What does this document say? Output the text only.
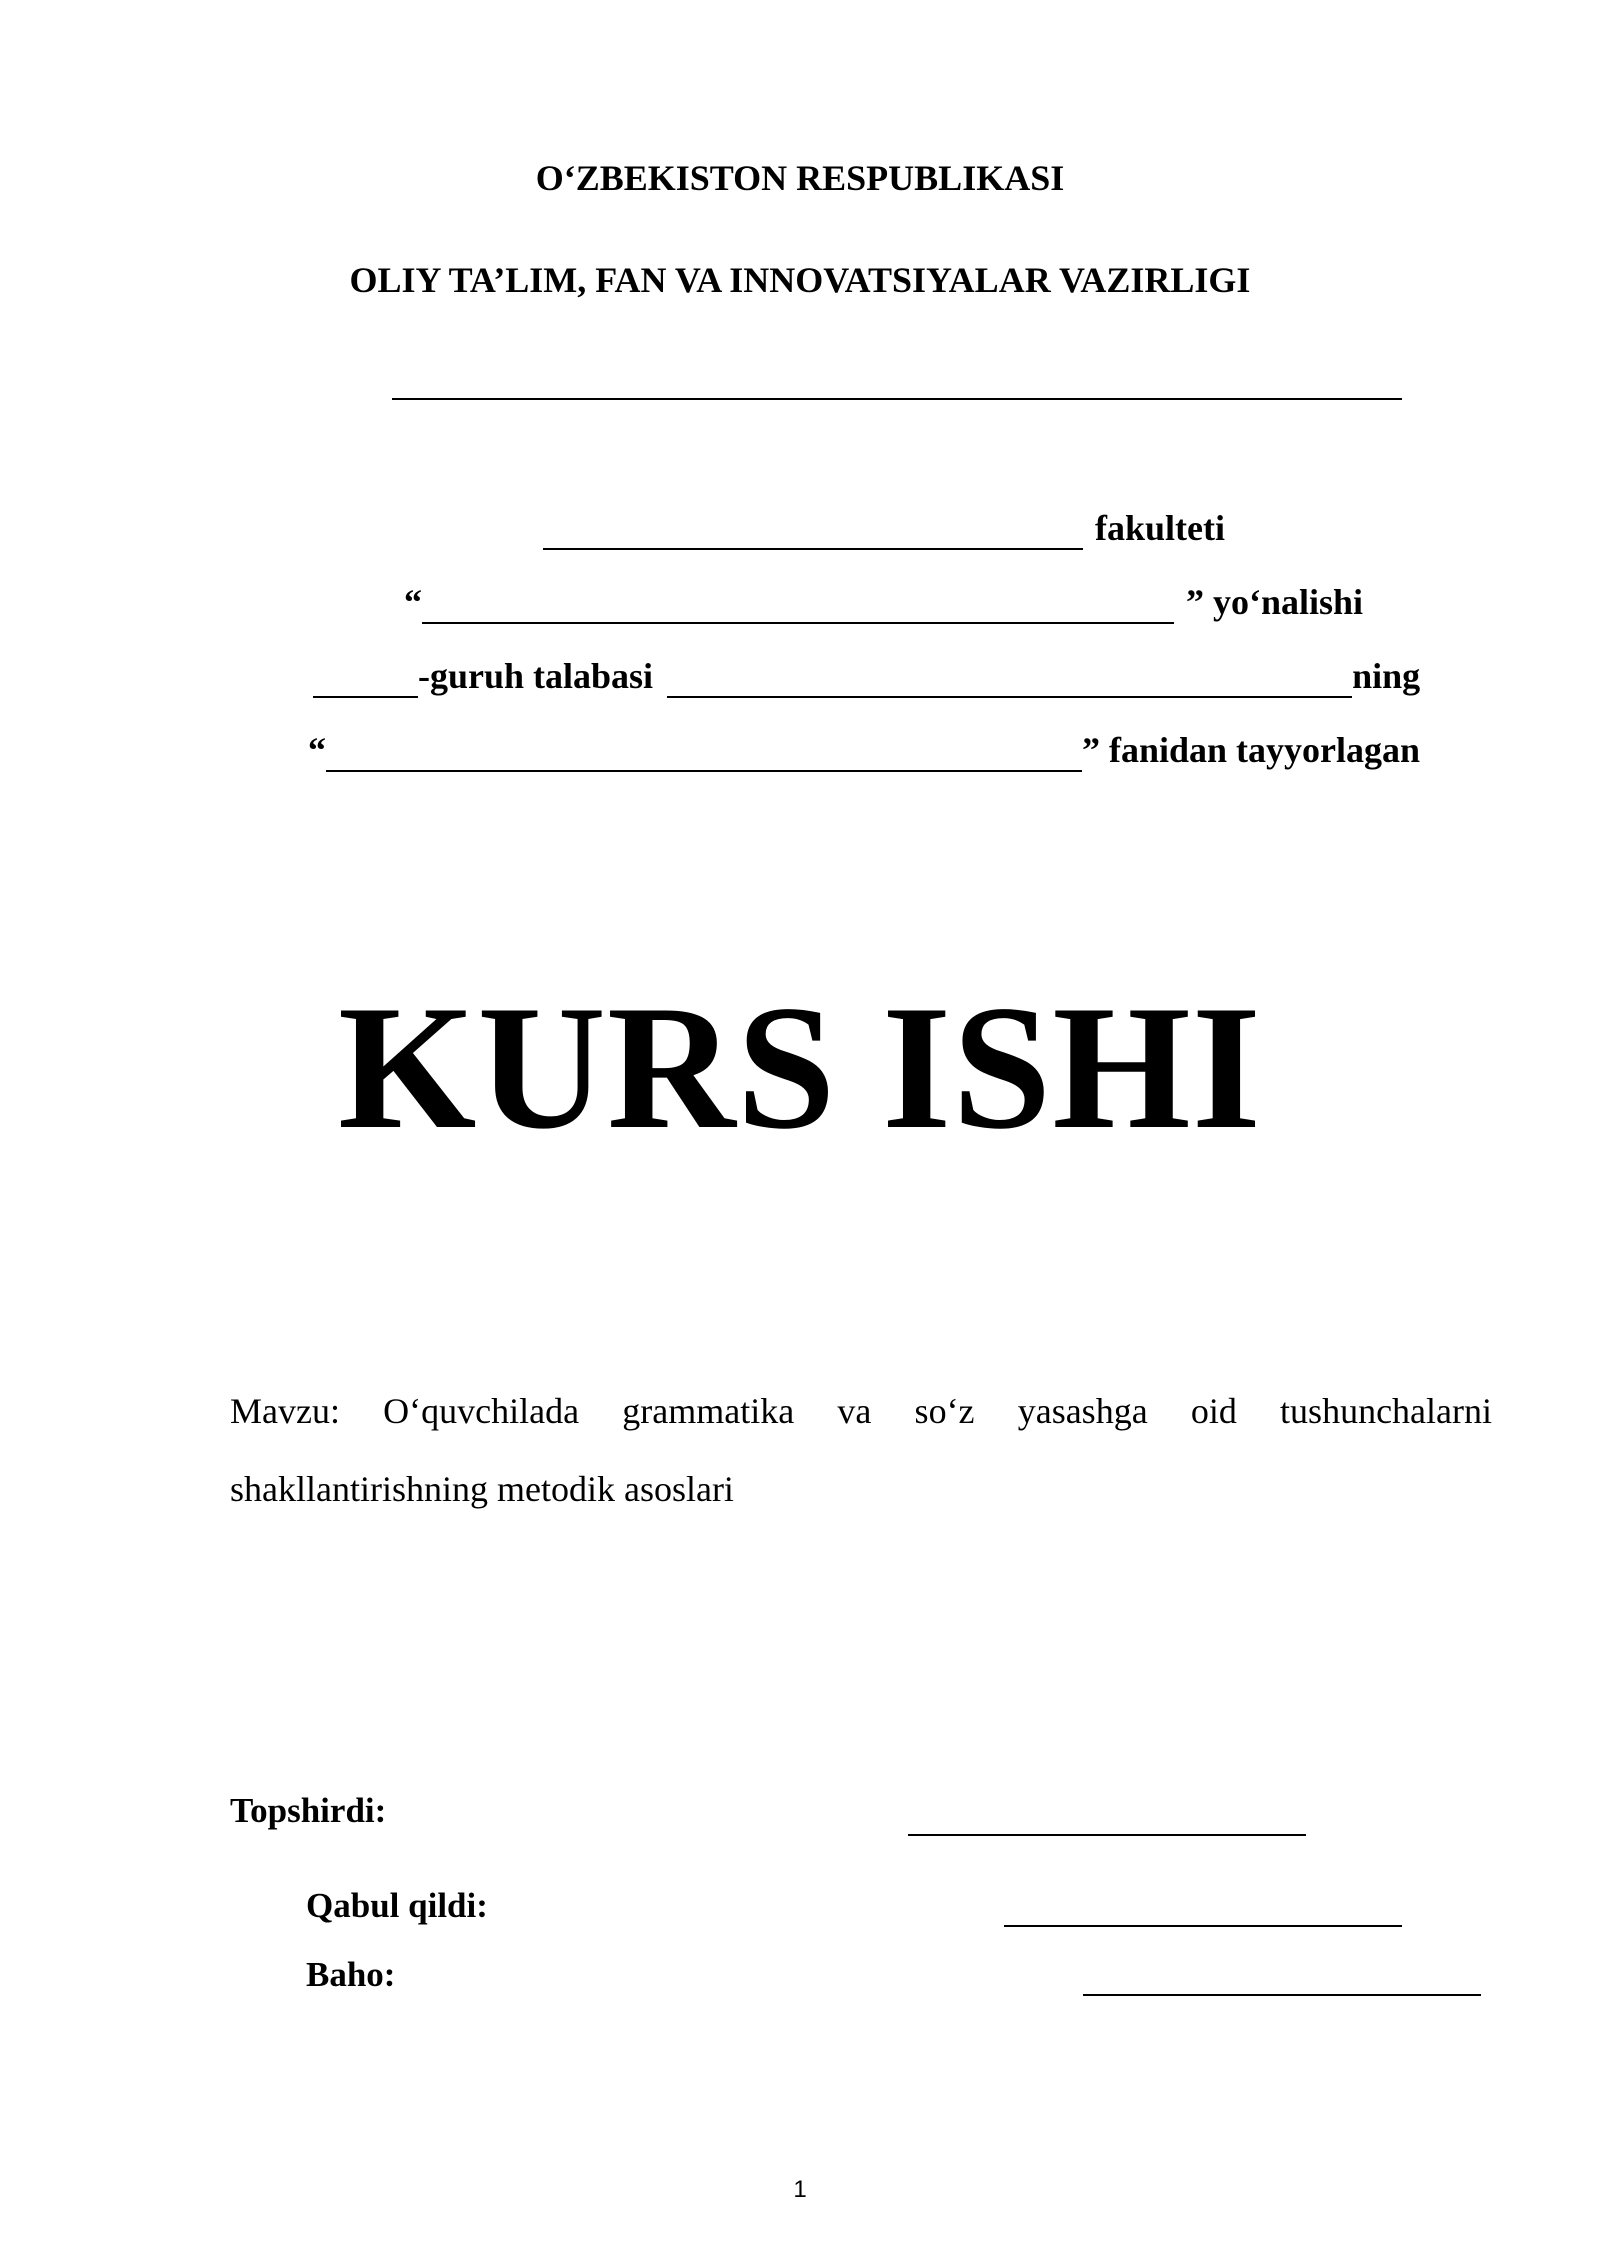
O‘ZBEKISTON RESPUBLIKASI
OLIY TA’LIM, FAN VA INNOVATSIYALAR VAZIRLIGI
fakulteti
“	” yo‘nalishi
-guruh talabasi	ning
“	” fanidan tayyorlagan
KURS ISHI
Mavzu: O‘quvchilada grammatika va so‘z yasashga oid tushunchalarni shakllantirishning metodik asoslari
Topshirdi:
Qabul qildi:
Baho:
1
